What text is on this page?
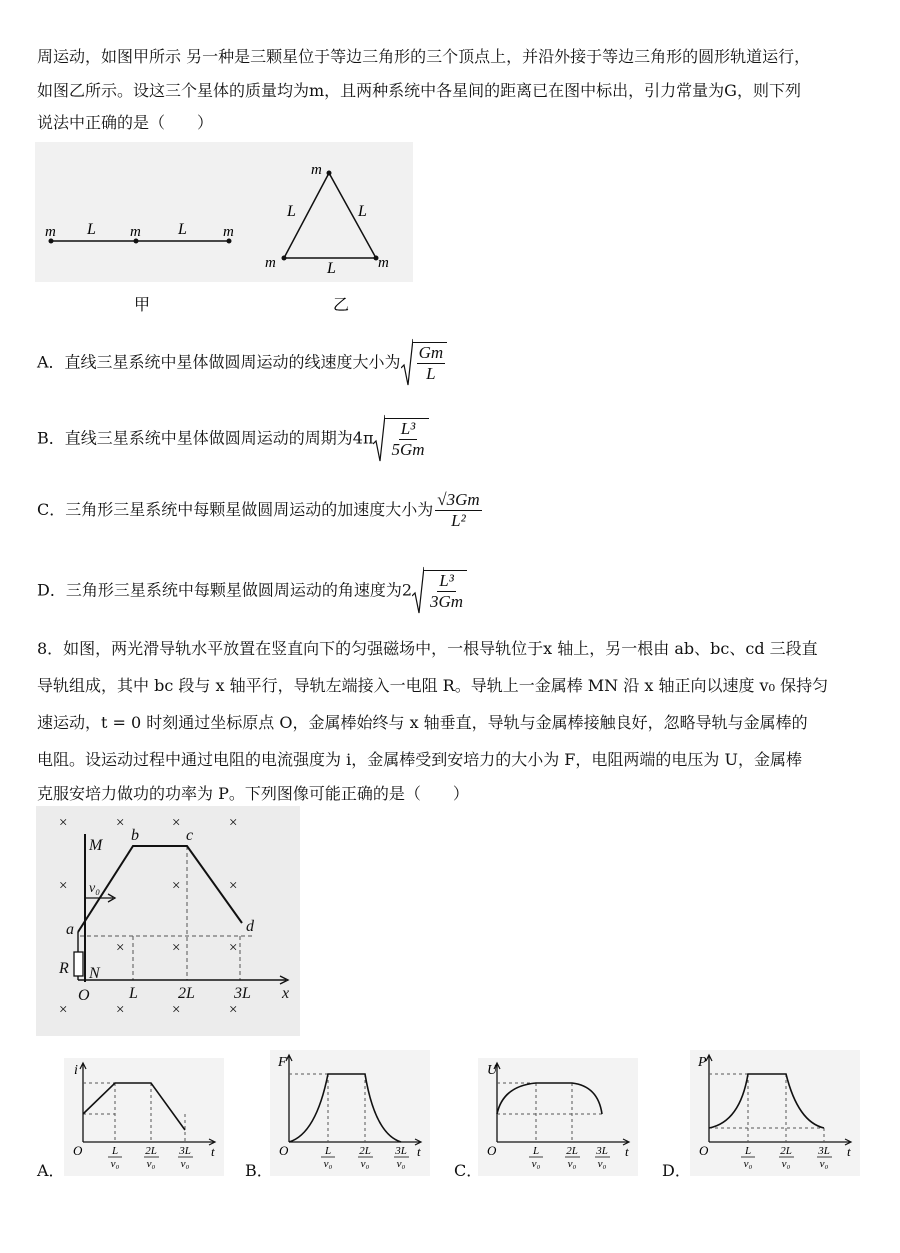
周运动，如图甲所示 另一种是三颗星位于等边三角形的三个顶点上，并沿外接于等边三角形的圆形轨道运行，
如图乙所示。设这三个星体的质量均为m，且两种系统中各星间的距离已在图中标出，引力常量为G，则下列
说法中正确的是（　　）
m L m L m
m
L	L
m	L	m
甲	乙
A．直线三星系统中星体做圆周运动的线速度大小为 $\frac{Gm}{L}$
B．直线三星系统中星体做圆周运动的周期为$4\pi \frac{\text{L³}}{5Gm}$
C．三角形三星系统中每颗星做圆周运动的加速度大小为 $\frac{√3Gm}{\text{L²}}$
D．三角形三星系统中每颗星做圆周运动的角速度为$2 \frac{\text{L³}}{3Gm}$
8．如图，两光滑导轨水平放置在竖直向下的匀强磁场中，一根导轨位于x 轴上，另一根由 ab、bc、cd 三段直
导轨组成，其中 bc 段与 x 轴平行，导轨左端接入一电阻 R。导轨上一金属棒 MN 沿 x 轴正向以速度 v₀ 保持匀
速运动，t = 0 时刻通过坐标原点 O，金属棒始终与 x 轴垂直，导轨与金属棒接触良好，忽略导轨与金属棒的
电阻。设运动过程中通过电阻的电流强度为 i，金属棒受到安培力的大小为 F，电阻两端的电压为 U，金属棒
克服安培力做功的功率为 P。下列图像可能正确的是（　　）
×	×	×	×
×	×	×
×	×	×
×	×	×	×
M
v₀
b	c
d
a
R N
O L	2L 3L x
i
O	t
L
v₀
2L
v₀
3L
v₀
A．
F
O	t
L
v₀
2L
v₀
3L
v₀
B．
U
O	t
L
v₀
2L
v₀
3L
v₀
C．
P
O	t
L
v₀
2L
v₀
3L
v₀
D．
